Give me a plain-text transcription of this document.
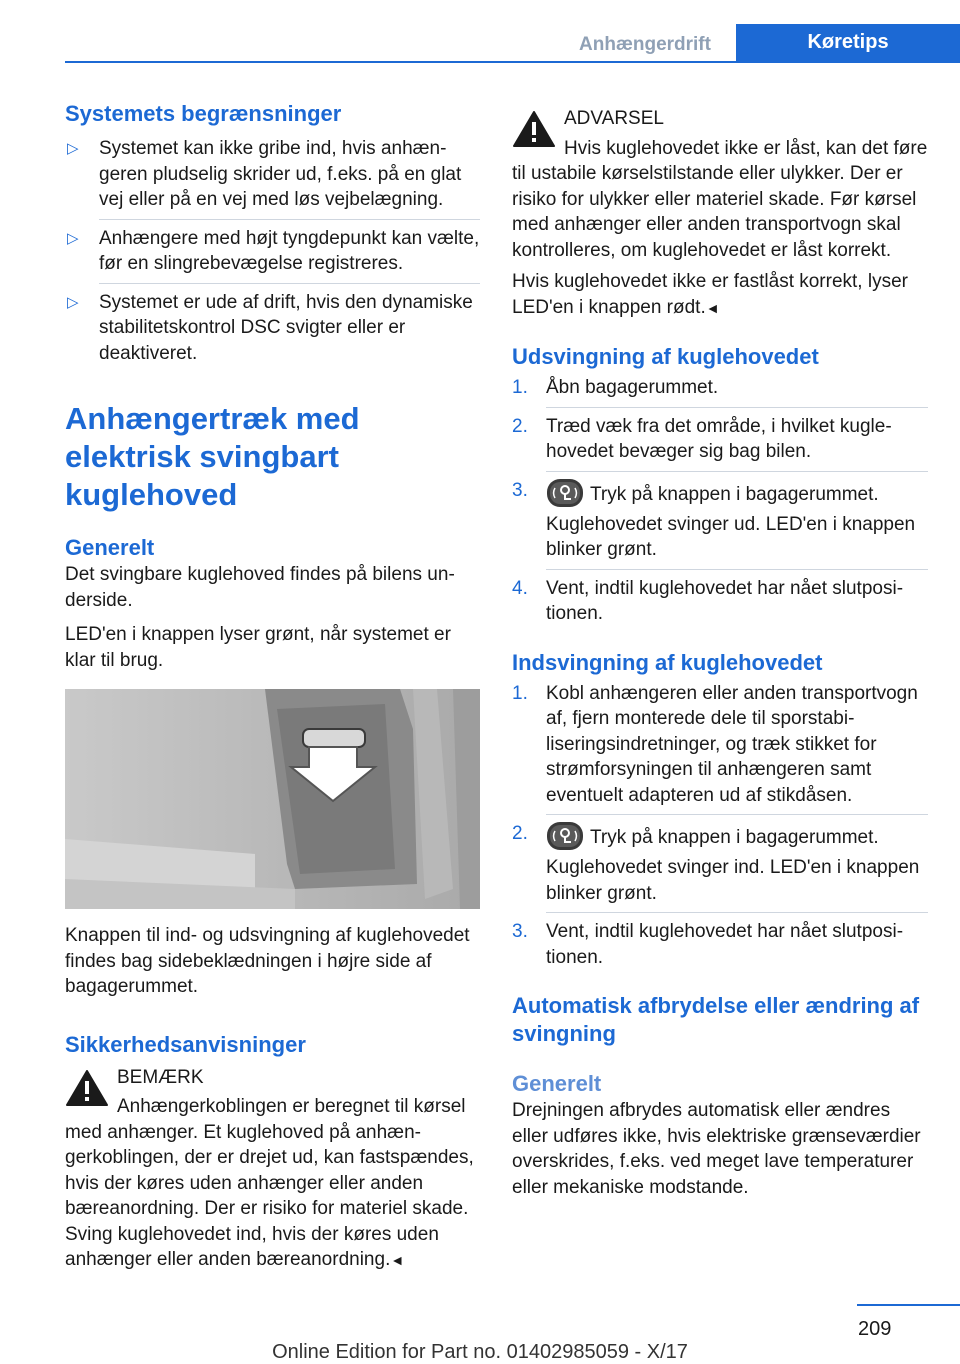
Anhængerdrift	Køretips
Systemets begrænsninger
▷ Systemet kan ikke gribe ind, hvis anhængeren pludselig skrider ud, f.eks. på en glat vej eller på en vej med løs vejbelægning.
▷ Anhængere med højt tyngdepunkt kan vælte, før en slingrebevægelse registreres.
▷ Systemet er ude af drift, hvis den dynamiske stabilitetskontrol DSC svigter eller er deaktiveret.
Anhængertræk med elektrisk svingbart kuglehoved
Generelt

Det svingbare kuglehoved findes på bilens underside.

LED'en i knappen lyser grønt, når systemet er klar til brug.

Knappen til ind- og udsvingning af kuglehovedet findes bag sidebeklædningen i højre side af bagagerummet.

Sikkerhedsanvisninger

BEMÆRK

Anhængerkoblingen er beregnet til kørsel med anhænger. Et kuglehoved på anhængerkoblingen, der er drejet ud, kan fastspændes, hvis der køres uden anhænger eller anden bæreanordning. Der er risiko for materiel skade. Sving kuglehovedet ind, hvis der køres uden anhænger eller anden bæreanordning.◄

ADVARSEL

Hvis kuglehovedet ikke er låst, kan det føre til ustabile kørselstilstande eller ulykker. Der er risiko for ulykker eller materiel skade. Før kørsel med anhænger eller anden transportvogn skal kontrolleres, om kuglehovedet er låst korrekt.

Hvis kuglehovedet ikke er fastlåst korrekt, lyser LED'en i knappen rødt.◄

Udsvingning af kuglehovedet
1. Åbn bagagerummet.
2. Træd væk fra det område, i hvilket kuglehovedet bevæger sig bag bilen.
3.	Tryk på knappen i bagagerummet.
Kuglehovedet svinger ud. LED'en i knappen blinker grønt.
4. Vent, indtil kuglehovedet har nået slutpositionen.
Indsvingning af kuglehovedet
1. Kobl anhængeren eller anden transportvogn af, fjern monterede dele til sporstabiliseringsindretninger, og træk stikket for strømforsyningen til anhængeren samt eventuelt adapteren ud af stikdåsen.
2.	Tryk på knappen i bagagerummet.
Kuglehovedet svinger ind. LED'en i knappen blinker grønt.
3. Vent, indtil kuglehovedet har nået slutpositionen.
Automatisk afbrydelse eller ændring af svingning
Generelt

Drejningen afbrydes automatisk eller ændres eller udføres ikke, hvis elektriske grænseværdier overskrides, f.eks. ved meget lave temperaturer eller mekaniske modstande.

209
Online Edition for Part no. 01402985059 - X/17
